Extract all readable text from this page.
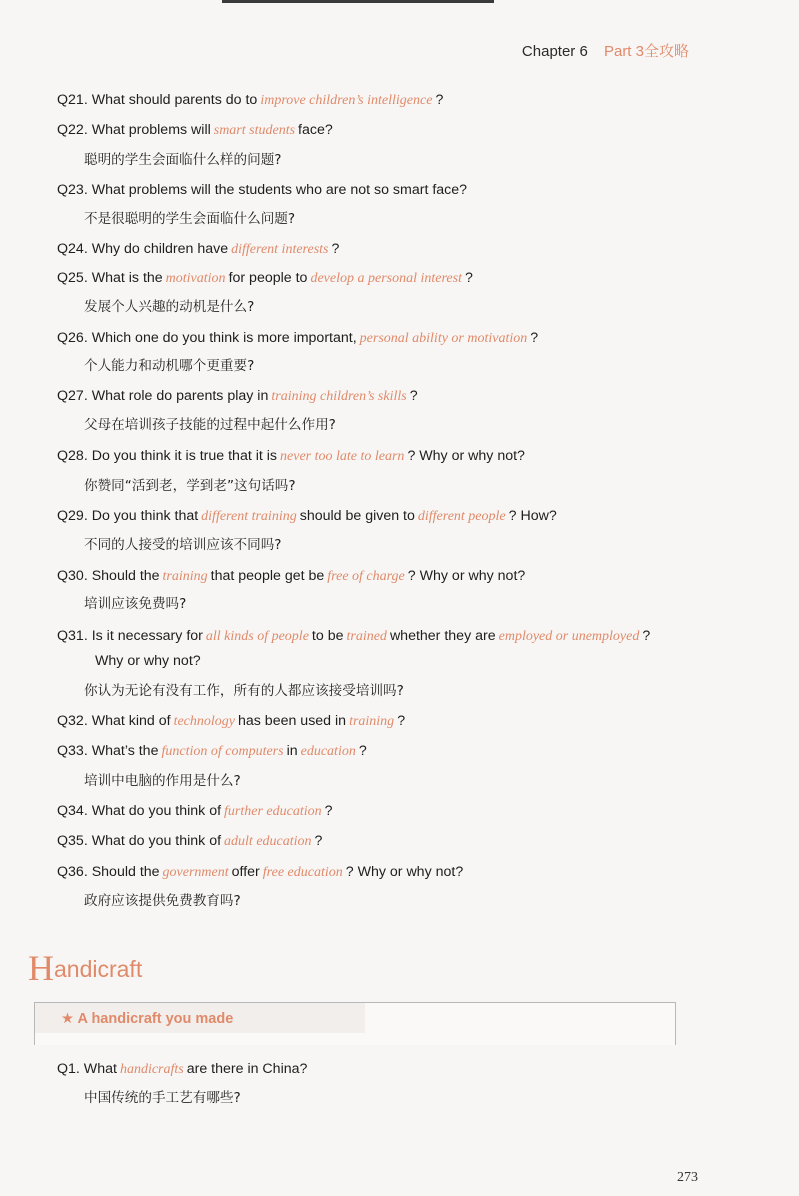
Chapter 6 Part 3全攻略
Q21. What should parents do to improve children’s intelligence ?
Q22. What problems will smart students face?
聪明的学生会面临什么样的问题?
Q23. What problems will the students who are not so smart face?
不是很聪明的学生会面临什么问题?
Q24. Why do children have different interests ?
Q25. What is the motivation for people to develop a personal interest ?
发展个人兴趣的动机是什么?
Q26. Which one do you think is more important, personal ability or motivation ?
个人能力和动机哪个更重要?
Q27. What role do parents play in training children’s skills ?
父母在培训孩子技能的过程中起什么作用?
Q28. Do you think it is true that it is never too late to learn ? Why or why not?
你赞同“活到老，学到老”这句话吗?
Q29. Do you think that different training should be given to different people ? How?
不同的人接受的培训应该不同吗?
Q30. Should the training that people get be free of charge ? Why or why not?
培训应该免费吗?
Q31. Is it necessary for all kinds of people to be trained whether they are employed or unemployed ?
Why or why not?
你认为无论有没有工作，所有的人都应该接受培训吗?
Q32. What kind of technology has been used in training ?
Q33. What’s the function of computers in education ?
培训中电脑的作用是什么?
Q34. What do you think of further education ?
Q35. What do you think of adult education ?
Q36. Should the government offer free education ? Why or why not?
政府应该提供免费教育吗?
Q1. What handicrafts are there in China?
中国传统的手工艺有哪些?
Handicraft
★ A handicraft you made
273
